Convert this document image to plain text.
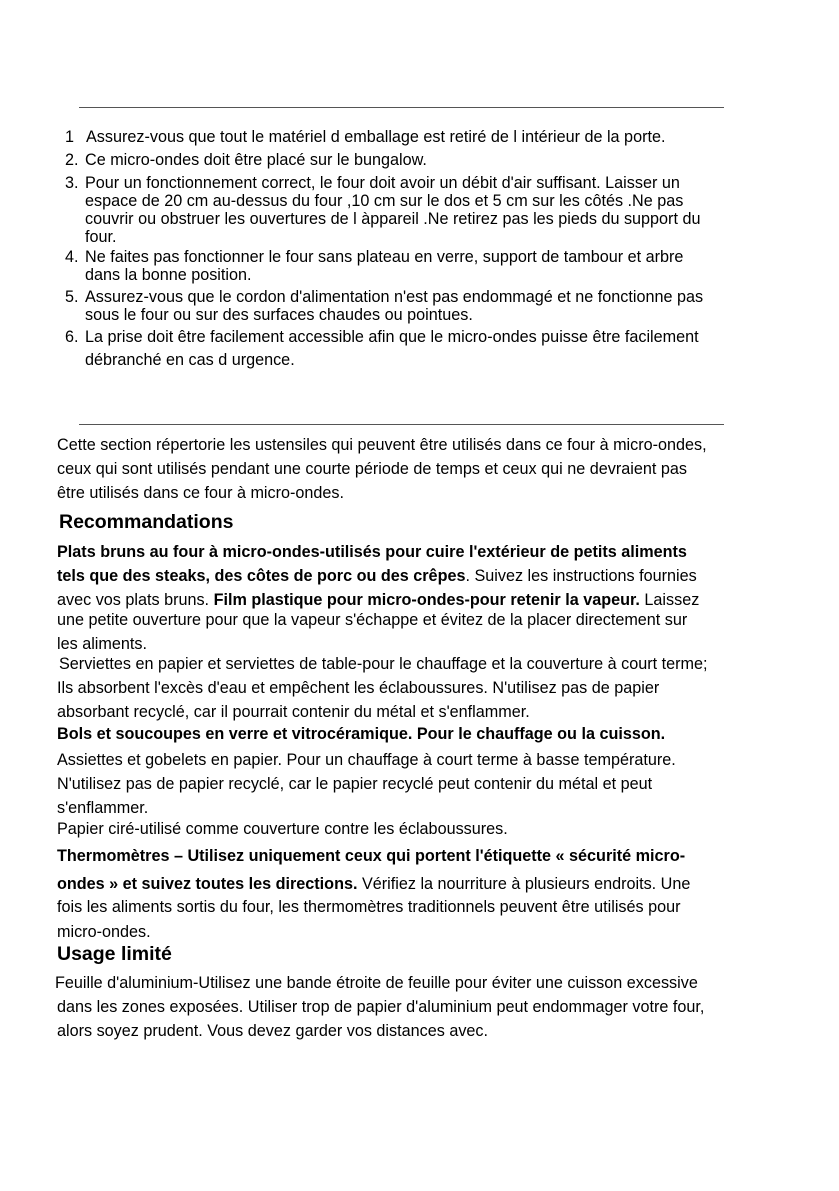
1 Assurez-vous que tout le matériel d emballage est retiré de l intérieur de la porte.
2. Ce micro-ondes doit être placé sur le bungalow.
3. Pour un fonctionnement correct, le four doit avoir un débit d'air suffisant. Laisser un
espace de 20 cm au-dessus du four ,10 cm sur le dos et 5 cm sur les côtés .Ne pas
couvrir ou obstruer les ouvertures de l àppareil .Ne retirez pas les pieds du support du
four.
4. Ne faites pas fonctionner le four sans plateau en verre, support de tambour et arbre
dans la bonne position.
5. Assurez-vous que le cordon d'alimentation n'est pas endommagé et ne fonctionne pas
sous le four ou sur des surfaces chaudes ou pointues.
6. La prise doit être facilement accessible afin que le micro-ondes puisse être facilement
débranché en cas d urgence.
Cette section répertorie les ustensiles qui peuvent être utilisés dans ce four à micro-ondes,
ceux qui sont utilisés pendant une courte période de temps et ceux qui ne devraient pas
être utilisés dans ce four à micro-ondes.
Recommandations
Plats bruns au four à micro-ondes-utilisés pour cuire l'extérieur de petits aliments
tels que des steaks, des côtes de porc ou des crêpes. Suivez les instructions fournies
avec vos plats bruns. Film plastique pour micro-ondes-pour retenir la vapeur. Laissez
une petite ouverture pour que la vapeur s'échappe et évitez de la placer directement sur
les aliments.
Serviettes en papier et serviettes de table-pour le chauffage et la couverture à court terme;
Ils absorbent l'excès d'eau et empêchent les éclaboussures. N'utilisez pas de papier
absorbant recyclé, car il pourrait contenir du métal et s'enflammer.
Bols et soucoupes en verre et vitrocéramique. Pour le chauffage ou la cuisson.
Assiettes et gobelets en papier. Pour un chauffage à court terme à basse température.
N'utilisez pas de papier recyclé, car le papier recyclé peut contenir du métal et peut
s'enflammer.
Papier ciré-utilisé comme couverture contre les éclaboussures.
Thermomètres – Utilisez uniquement ceux qui portent l'étiquette « sécurité micro-
ondes » et suivez toutes les directions. Vérifiez la nourriture à plusieurs endroits. Une
fois les aliments sortis du four, les thermomètres traditionnels peuvent être utilisés pour
micro-ondes.
Usage limité
Feuille d'aluminium-Utilisez une bande étroite de feuille pour éviter une cuisson excessive
dans les zones exposées. Utiliser trop de papier d'aluminium peut endommager votre four,
alors soyez prudent. Vous devez garder vos distances avec.
